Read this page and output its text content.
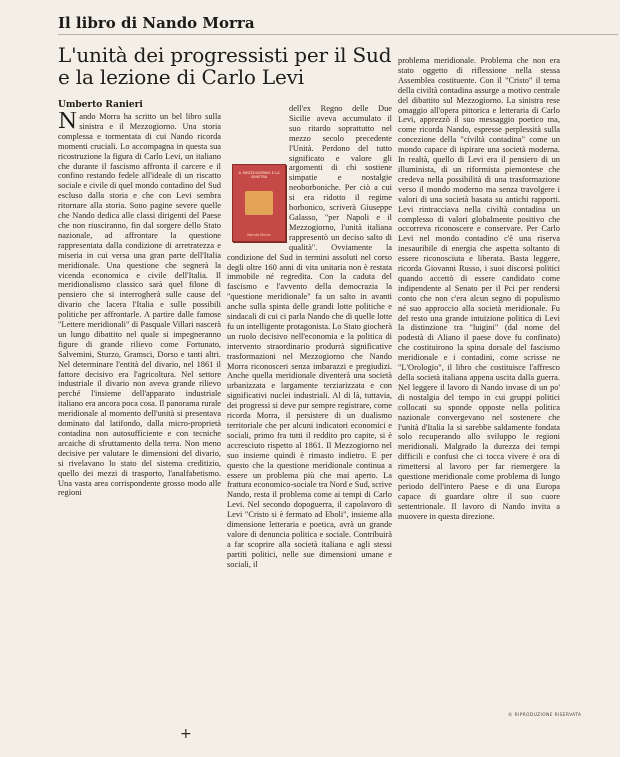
Il libro di Nando Morra
L'unità dei progressisti per il Sud e la lezione di Carlo Levi
Umberto Ranieri

Nando Morra ha scritto un bel libro sulla sinistra e il Mezzogiorno. Una storia complessa e tormentata di cui Nando ricorda momenti cruciali. Lo accompagna in questa sua ricostruzione la figura di Carlo Levi, un italiano che durante il fascismo affronta il carcere e il confino restando fedele all'ideale di un riscatto sociale e civile di quel mondo contadino del Sud escluso dalla storia e che con Levi sembra ritornare alla storia. Sono pagine severe quelle che Nando dedica alle classi dirigenti del Paese che non riusciranno, fin dal sorgere dello Stato nazionale, ad affrontare la questione rappresentata dalla condizione di arretratezza e miseria in cui versa una gran parte dell'Italia meridionale. Una questione che segnerà la vicenda economica e civile dell'Italia. Il meridionalismo classico sarà quel filone di pensiero che si interrogherà sulle cause del divario che lacera l'Italia e sulle possibili politiche per affrontarle. A partire dalle famose "Lettere meridionali" di Pasquale Villari nascerà un lungo dibattito nel quale si impegneranno figure di grande rilievo come Fortunato, Salvemini, Sturzo, Gramsci, Dorso e tanti altri. Nel determinare l'entità del divario, nel 1861 il fattore decisivo era l'agricoltura. Nel settore industriale il divario non aveva grande rilievo perché l'insieme dell'apparato industriale italiano era ancora poca cosa. Il panorama rurale meridionale al momento dell'unità si presentava dominato dal latifondo, dalla micro-proprietà contadina non autosufficiente e con tecniche arcaiche di sfruttamento della terra. Non meno decisive per valutare le dimensioni del divario, si rivelavano lo stato del sistema creditizio, quello dei mezzi di trasporto, l'analfabetismo. Una vasta area corrispondente grosso modo alle regioni

dell'ex Regno delle Due Sicilie aveva accumulato il suo ritardo soprattutto nel mezzo secolo precedente l'Unità. Perdono del tutto significato e valore gli argomenti di chi sostiene simpatie e nostalgie neoborboniche. Per ciò a cui si era ridotto il regime borbonico, scriverà Giuseppe Galasso, "per Napoli e il Mezzogiorno, l'unità italiana rappresentò un deciso salto di qualità". Ovviamente la condizione del Sud in termini assoluti nel corso degli oltre 160 anni di vita unitaria non è restata immobile né regredita. Con la caduta del fascismo e l'avvento della democrazia la "questione meridionale" fa un salto in avanti anche sulla spinta delle grandi lotte politiche e sindacali di cui ci parla Nando che di quelle lotte fu un intelligente protagonista. Lo Stato giocherà un ruolo decisivo nell'economia e la politica di intervento straordinario produrrà significative trasformazioni nel Mezzogiorno che Nando Morra riconosceri senza imbarazzi e pregiudizi. Anche quella meridionale diventerà una società urbanizzata e largamente terziarizzata e con significativi nuclei industriali. Al di là, tuttavia, dei progressi si deve pur sempre registrare, come ricorda Morra, il persistere di un dualismo territoriale che per alcuni indicatori economici e sociali, primo fra tutti il reddito pro capite, si è accresciuto rispetto al 1861. Il Mezzogiorno nel suo insieme quindi è rimasto indietro. E per questo che la questione meridionale continua a essere un problema più che mai aperto. La frattura economico-sociale tra Nord e Sud, scrive Nando, resta il problema come ai tempi di Carlo Levi. Nel secondo dopoguerra, il capolavoro di Levi "Cristo si è fermato ad Eboli", insieme alla dimensione letteraria e poetica, avrà un grande valore di denuncia politica e sociale. Contribuirà a far scoprire alla società italiana e agli stessi partiti politici, nelle sue dimensioni umane e sociali, il

problema meridionale. Problema che non era stato oggetto di riflessione nella stessa Assemblea costituente. Con il "Cristo" il tema della civiltà contadina assurge a motivo centrale del dibattito sul Mezzogiorno. La sinistra rese omaggio all'opera pittorica e letteraria di Carlo Levi, apprezzò il suo messaggio poetico ma, come ricorda Nando, espresse perplessità sulla concezione della "civiltà contadina" come un mondo capace di ispirare una società moderna. In realtà, quello di Levi era il pensiero di un illuminista, di un riformista piemontese che credeva nella possibilità di una trasformazione verso il mondo moderno ma senza travolgere i valori di una società basata su antichi rapporti. Levi rintracciava nella civiltà contadina un complesso di valori globalmente positivo che occorreva riconoscere e conservare. Per Carlo Levi nel mondo contadino c'è una riserva inesauribile di energia che aspetta soltanto di essere riconosciuta e liberata. Basta leggere, ricorda Giovanni Russo, i suoi discorsi politici quando accettò di essere candidato come indipendente al Senato per il Pci per rendersi conto che non c'era alcun segno di populismo né suo approccio alla società meridionale. Fu del resto una grande intuizione politica di Levi la distinzione tra "luigini" (dal nome del podestà di Aliano il paese dove fu confinato) che costituirono la spina dorsale del fascismo meridionale e i contadini, come scrisse ne "L'Orologio", il libro che costituisce l'affresco della società italiana appena uscita dalla guerra. Nel leggere il lavoro di Nando invase di un po' di nostalgia del tempo in cui gruppi politici collocati su sponde opposte nella politica nazionale convergevano nel sostenere che l'unità d'Italia la si sarebbe saldamente fondata solo recuperando allo sviluppo le regioni meridionali. Malgrado la durezza dei tempi difficili e confusi che ci tocca vivere è ora di rimettersi al lavoro per far riemergere la questione meridionale come problema di lungo periodo dell'intero Paese e di una Europa capace di guardare oltre il suo cuore settentrionale. Il lavoro di Nando invita a muovere in questa direzione.

IL MEZZOGIORNO E LA SINISTRA
Nando Morra
© RIPRODUZIONE RISERVATA
+
